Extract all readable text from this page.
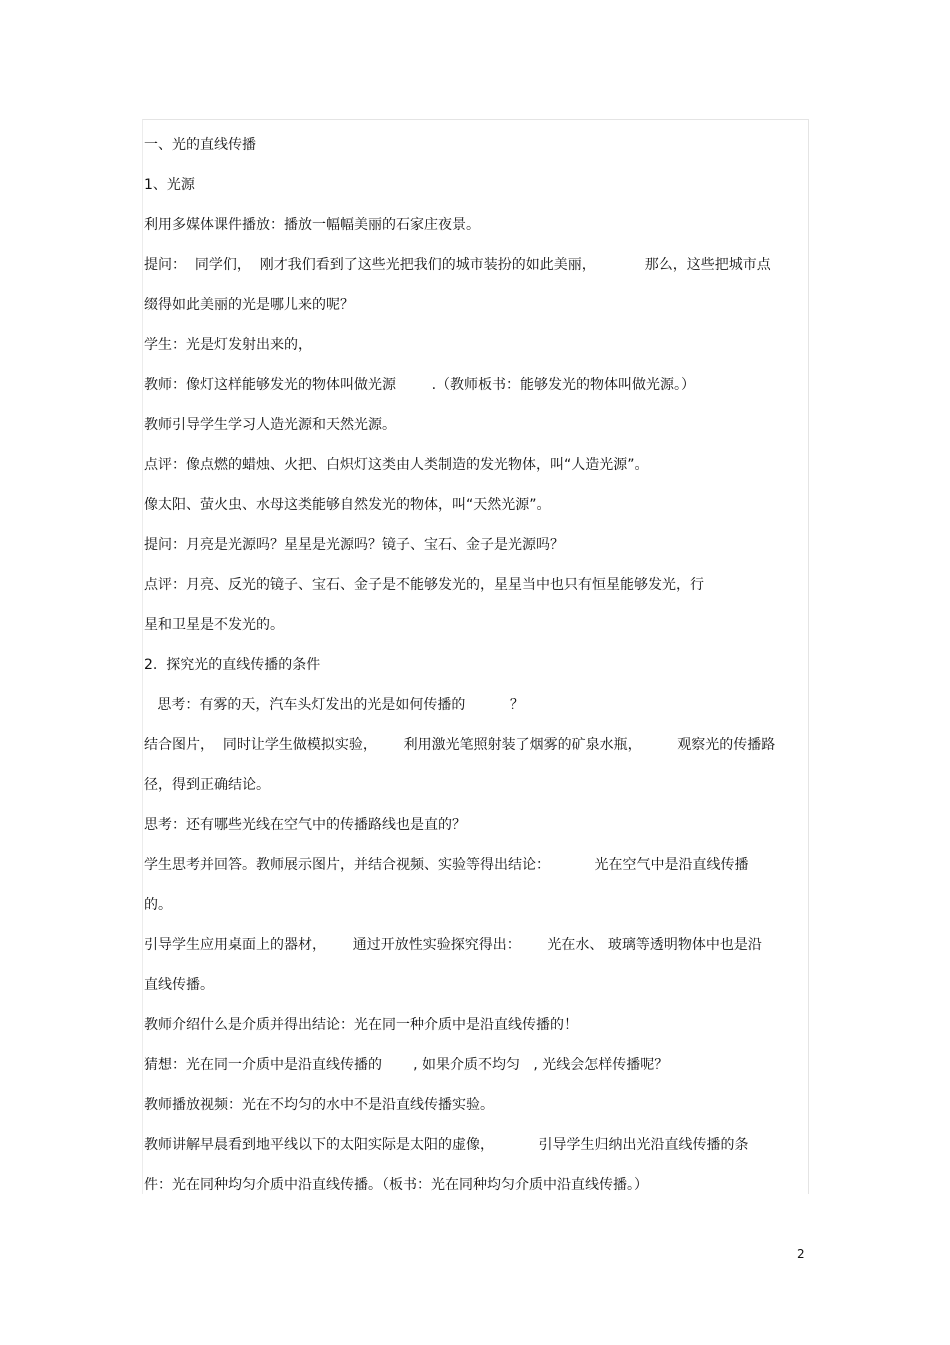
一、光的直线传播
1、光源
利用多媒体课件播放：播放一幅幅美丽的石家庄夜景。
提问：  同学们，  刚才我们看到了这些光把我们的城市装扮的如此美丽，           那么，这些把城市点
缀得如此美丽的光是哪儿来的呢？
学生：光是灯发射出来的，
教师：像灯这样能够发光的物体叫做光源        .（教师板书：能够发光的物体叫做光源。）
教师引导学生学习人造光源和天然光源。
点评：像点燃的蜡烛、火把、白炽灯这类由人类制造的发光物体，叫“人造光源”。
像太阳、萤火虫、水母这类能够自然发光的物体，叫“天然光源”。
提问：月亮是光源吗？星星是光源吗？镜子、宝石、金子是光源吗？
点评：月亮、反光的镜子、宝石、金子是不能够发光的，星星当中也只有恒星能够发光，行
星和卫星是不发光的。
2.  探究光的直线传播的条件
思考：有雾的天，汽车头灯发出的光是如何传播的          ？
结合图片，  同时让学生做模拟实验，      利用激光笔照射装了烟雾的矿泉水瓶，        观察光的传播路
径，得到正确结论。
思考：还有哪些光线在空气中的传播路线也是直的？
学生思考并回答。教师展示图片，并结合视频、实验等得出结论：          光在空气中是沿直线传播
的。
引导学生应用桌面上的器材，      通过开放性实验探究得出：      光在水、 玻璃等透明物体中也是沿
直线传播。
教师介绍什么是介质并得出结论：光在同一种介质中是沿直线传播的！
猜想：光在同一介质中是沿直线传播的       , 如果介质不均匀   , 光线会怎样传播呢？
教师播放视频：光在不均匀的水中不是沿直线传播实验。
教师讲解早晨看到地平线以下的太阳实际是太阳的虚像，          引导学生归纳出光沿直线传播的条
件：光在同种均匀介质中沿直线传播。（板书：光在同种均匀介质中沿直线传播。）
2
